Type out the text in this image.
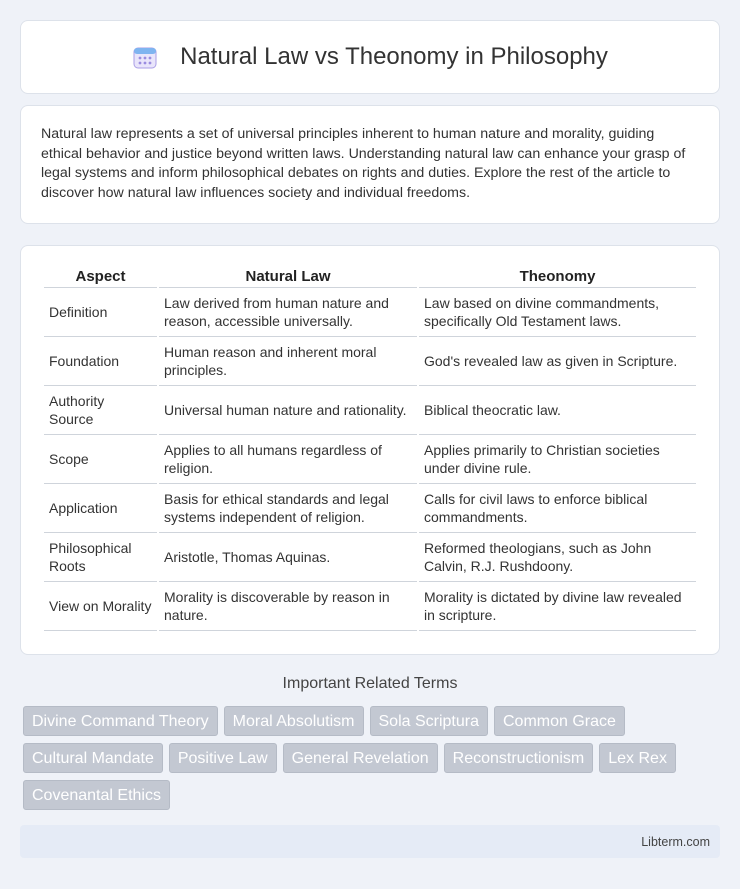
Natural Law vs Theonomy in Philosophy

Natural law represents a set of universal principles inherent to human nature and morality, guiding ethical behavior and justice beyond written laws. Understanding natural law can enhance your grasp of legal systems and inform philosophical debates on rights and duties. Explore the rest of the article to discover how natural law influences society and individual freedoms.

Aspect	Natural Law	Theonomy
Definition	Law derived from human nature and reason, accessible universally.	Law based on divine commandments, specifically Old Testament laws.
Foundation	Human reason and inherent moral principles.	God's revealed law as given in Scripture.
Authority Source	Universal human nature and rationality.	Biblical theocratic law.
Scope	Applies to all humans regardless of religion.	Applies primarily to Christian societies under divine rule.
Application	Basis for ethical standards and legal systems independent of religion.	Calls for civil laws to enforce biblical commandments.
Philosophical Roots	Aristotle, Thomas Aquinas.	Reformed theologians, such as John Calvin, R.J. Rushdoony.
View on Morality	Morality is discoverable by reason in nature.	Morality is dictated by divine law revealed in scripture.
Important Related Terms
Divine Command Theory	Moral Absolutism	Sola Scriptura	Common Grace
Cultural Mandate	Positive Law	General Revelation	Reconstructionism	Lex Rex
Covenantal Ethics
Libterm.com
